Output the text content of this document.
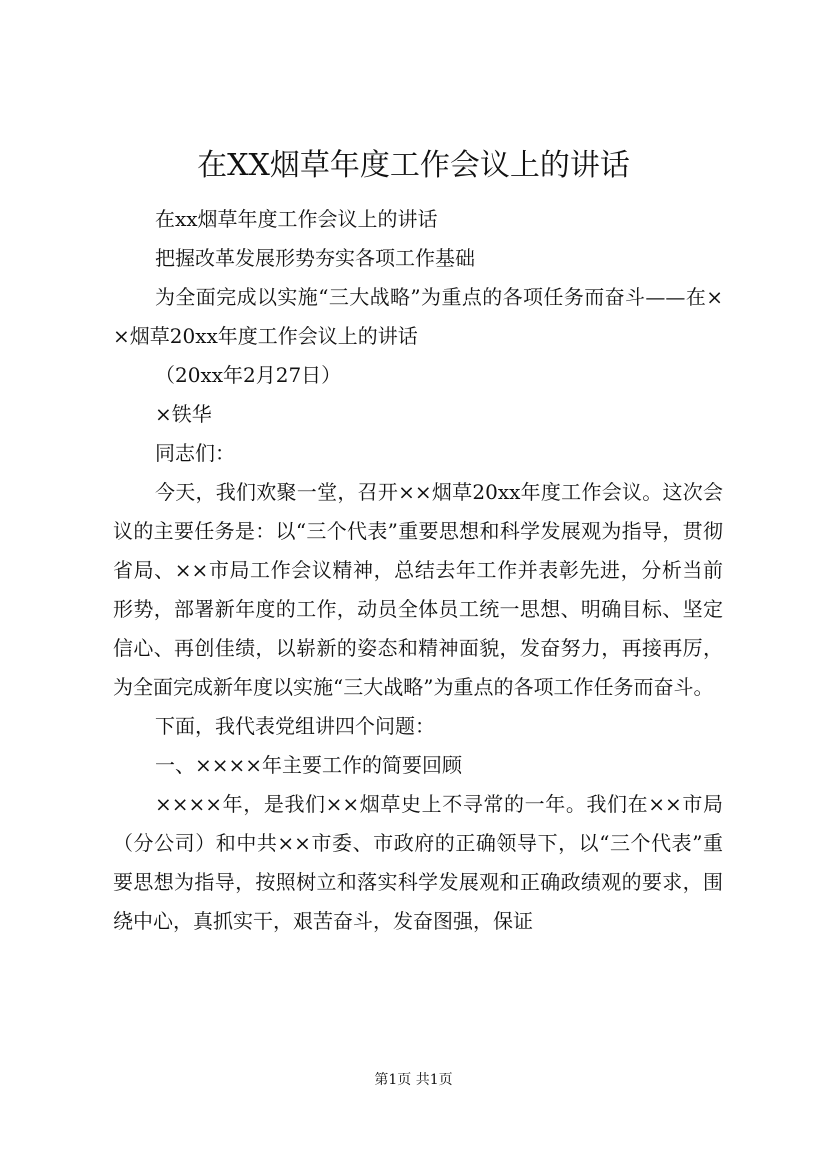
在XX烟草年度工作会议上的讲话

在xx烟草年度工作会议上的讲话

把握改革发展形势夯实各项工作基础

为全面完成以实施“三大战略”为重点的各项任务而奋斗——在××烟草20xx年度工作会议上的讲话

（20xx年2月27日）

×铁华

同志们：

今天，我们欢聚一堂，召开××烟草20xx年度工作会议。这次会议的主要任务是：以“三个代表”重要思想和科学发展观为指导，贯彻省局、××市局工作会议精神，总结去年工作并表彰先进，分析当前形势，部署新年度的工作，动员全体员工统一思想、明确目标、坚定信心、再创佳绩，以崭新的姿态和精神面貌，发奋努力，再接再厉，为全面完成新年度以实施“三大战略”为重点的各项工作任务而奋斗。

下面，我代表党组讲四个问题：

一、××××年主要工作的简要回顾

××××年，是我们××烟草史上不寻常的一年。我们在××市局（分公司）和中共××市委、市政府的正确领导下，以“三个代表”重要思想为指导，按照树立和落实科学发展观和正确政绩观的要求，围绕中心，真抓实干，艰苦奋斗，发奋图强，保证

第1页 共1页
